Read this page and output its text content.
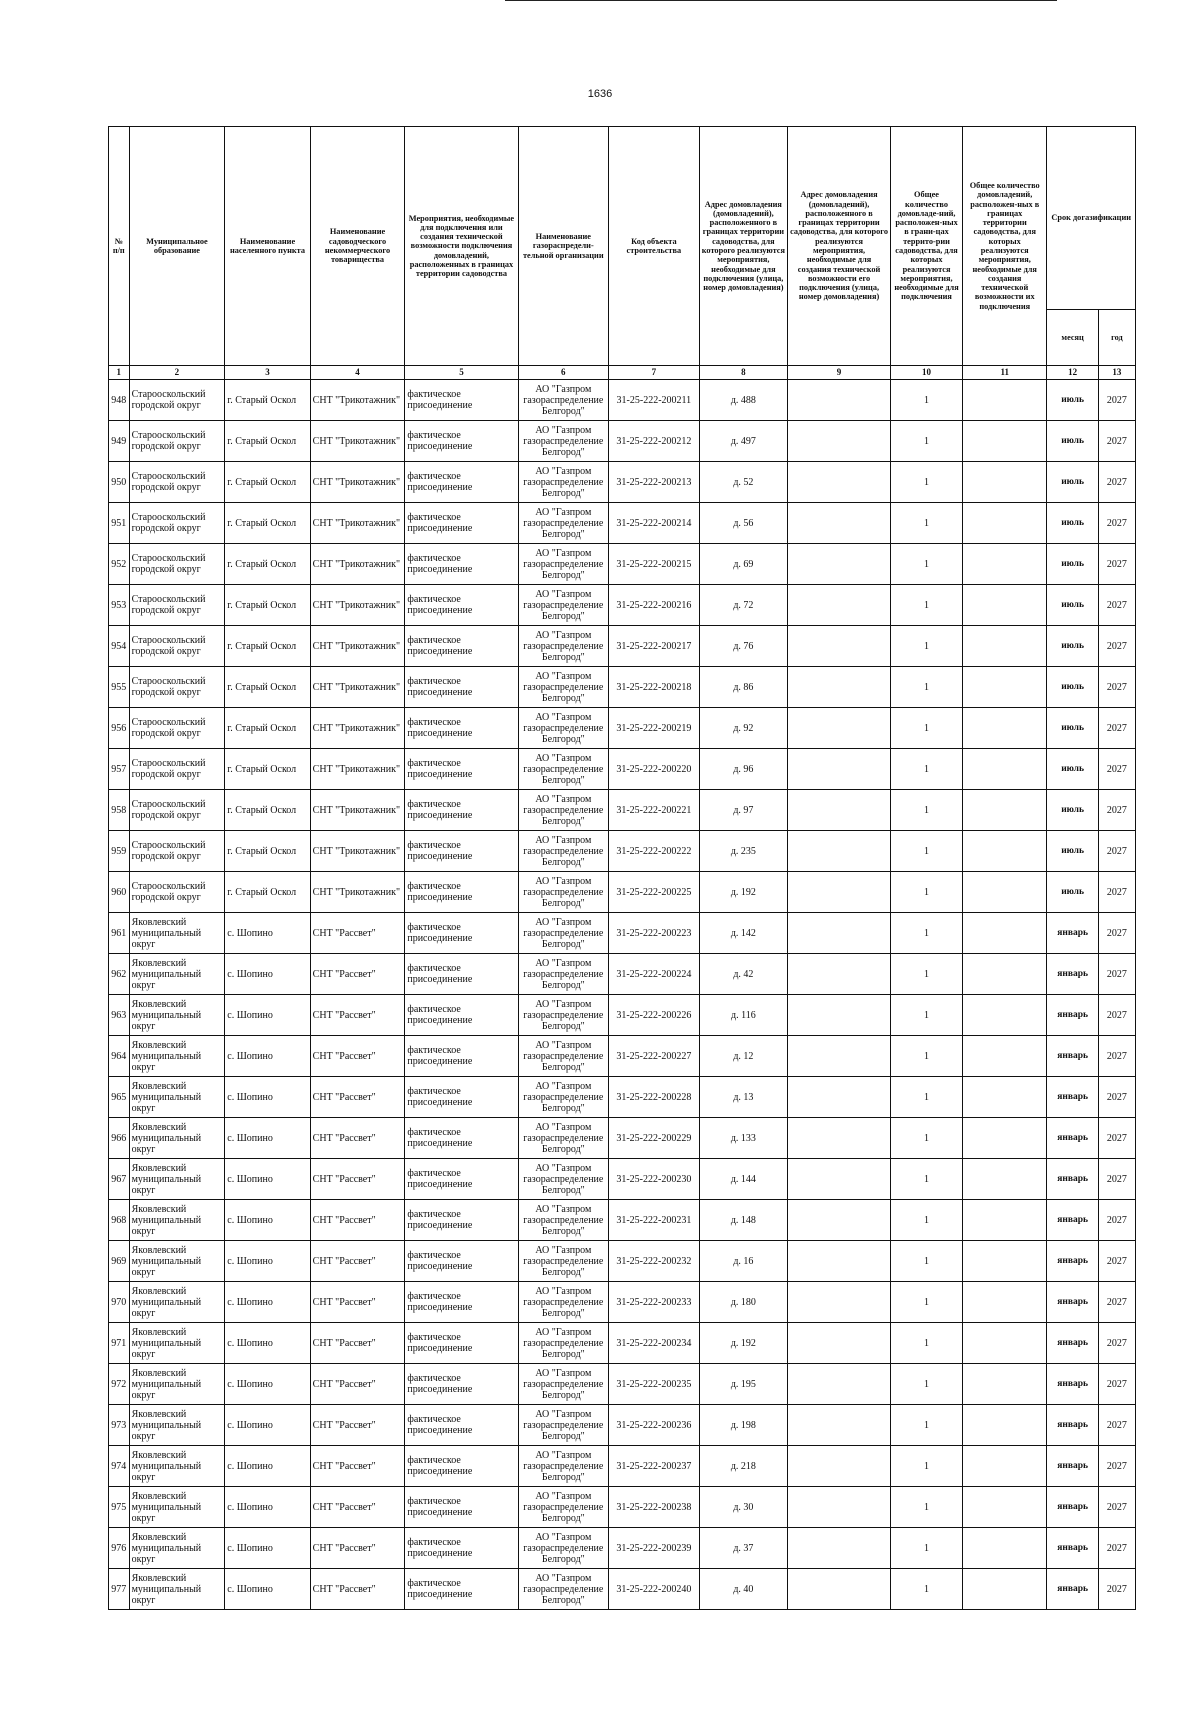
1636
№ п/п	Муниципальное образование	Наименование населенного пункта	Наименование садоводческого некоммерческого товарищества	Мероприятия, необходимые для подключения или создания технической возможности подключения домовладений, расположенных в границах территории садоводства	Наименование газораспредели-тельной организации	Код объекта строительства	Адрес домовладения (домовладений), расположенного в границах территории садоводства, для которого реализуются мероприятия, необходимые для подключения (улица, номер домовладения)	Адрес домовладения (домовладений), расположенного в границах территории садоводства, для которого реализуются мероприятия, необходимые для создания технической возможности его подключения (улица, номер домовладения)	Общее количество домовладе-ний, расположен-ных в грани-цах террито-рии садоводства, для которых реализуются мероприятия, необходимые для подключения	Общее количество домовладений, расположен-ных в границах территории садоводства, для которых реализуются мероприятия, необходимые для создания технической возможности их подключения	Срок догазификации	
											месяц	год
1	2	3	4	5	6	7	8	9	10	11	12	13
948	Старооскольский городской округ	г. Старый Оскол	СНТ "Трикотажник"	фактическое присоединение	АО "Газпром газораспределение Белгород"	31-25-222-200211	д. 488		1		июль	2027
949	Старооскольский городской округ	г. Старый Оскол	СНТ "Трикотажник"	фактическое присоединение	АО "Газпром газораспределение Белгород"	31-25-222-200212	д. 497		1		июль	2027
950	Старооскольский городской округ	г. Старый Оскол	СНТ "Трикотажник"	фактическое присоединение	АО "Газпром газораспределение Белгород"	31-25-222-200213	д. 52		1		июль	2027
951	Старооскольский городской округ	г. Старый Оскол	СНТ "Трикотажник"	фактическое присоединение	АО "Газпром газораспределение Белгород"	31-25-222-200214	д. 56		1		июль	2027
952	Старооскольский городской округ	г. Старый Оскол	СНТ "Трикотажник"	фактическое присоединение	АО "Газпром газораспределение Белгород"	31-25-222-200215	д. 69		1		июль	2027
953	Старооскольский городской округ	г. Старый Оскол	СНТ "Трикотажник"	фактическое присоединение	АО "Газпром газораспределение Белгород"	31-25-222-200216	д. 72		1		июль	2027
954	Старооскольский городской округ	г. Старый Оскол	СНТ "Трикотажник"	фактическое присоединение	АО "Газпром газораспределение Белгород"	31-25-222-200217	д. 76		1		июль	2027
955	Старооскольский городской округ	г. Старый Оскол	СНТ "Трикотажник"	фактическое присоединение	АО "Газпром газораспределение Белгород"	31-25-222-200218	д. 86		1		июль	2027
956	Старооскольский городской округ	г. Старый Оскол	СНТ "Трикотажник"	фактическое присоединение	АО "Газпром газораспределение Белгород"	31-25-222-200219	д. 92		1		июль	2027
957	Старооскольский городской округ	г. Старый Оскол	СНТ "Трикотажник"	фактическое присоединение	АО "Газпром газораспределение Белгород"	31-25-222-200220	д. 96		1		июль	2027
958	Старооскольский городской округ	г. Старый Оскол	СНТ "Трикотажник"	фактическое присоединение	АО "Газпром газораспределение Белгород"	31-25-222-200221	д. 97		1		июль	2027
959	Старооскольский городской округ	г. Старый Оскол	СНТ "Трикотажник"	фактическое присоединение	АО "Газпром газораспределение Белгород"	31-25-222-200222	д. 235		1		июль	2027
960	Старооскольский городской округ	г. Старый Оскол	СНТ "Трикотажник"	фактическое присоединение	АО "Газпром газораспределение Белгород"	31-25-222-200225	д. 192		1		июль	2027
961	Яковлевский муниципальный округ	с. Шопино	СНТ "Рассвет"	фактическое присоединение	АО "Газпром газораспределение Белгород"	31-25-222-200223	д. 142		1		январь	2027
962	Яковлевский муниципальный округ	с. Шопино	СНТ "Рассвет"	фактическое присоединение	АО "Газпром газораспределение Белгород"	31-25-222-200224	д. 42		1		январь	2027
963	Яковлевский муниципальный округ	с. Шопино	СНТ "Рассвет"	фактическое присоединение	АО "Газпром газораспределение Белгород"	31-25-222-200226	д. 116		1		январь	2027
964	Яковлевский муниципальный округ	с. Шопино	СНТ "Рассвет"	фактическое присоединение	АО "Газпром газораспределение Белгород"	31-25-222-200227	д. 12		1		январь	2027
965	Яковлевский муниципальный округ	с. Шопино	СНТ "Рассвет"	фактическое присоединение	АО "Газпром газораспределение Белгород"	31-25-222-200228	д. 13		1		январь	2027
966	Яковлевский муниципальный округ	с. Шопино	СНТ "Рассвет"	фактическое присоединение	АО "Газпром газораспределение Белгород"	31-25-222-200229	д. 133		1		январь	2027
967	Яковлевский муниципальный округ	с. Шопино	СНТ "Рассвет"	фактическое присоединение	АО "Газпром газораспределение Белгород"	31-25-222-200230	д. 144		1		январь	2027
968	Яковлевский муниципальный округ	с. Шопино	СНТ "Рассвет"	фактическое присоединение	АО "Газпром газораспределение Белгород"	31-25-222-200231	д. 148		1		январь	2027
969	Яковлевский муниципальный округ	с. Шопино	СНТ "Рассвет"	фактическое присоединение	АО "Газпром газораспределение Белгород"	31-25-222-200232	д. 16		1		январь	2027
970	Яковлевский муниципальный округ	с. Шопино	СНТ "Рассвет"	фактическое присоединение	АО "Газпром газораспределение Белгород"	31-25-222-200233	д. 180		1		январь	2027
971	Яковлевский муниципальный округ	с. Шопино	СНТ "Рассвет"	фактическое присоединение	АО "Газпром газораспределение Белгород"	31-25-222-200234	д. 192		1		январь	2027
972	Яковлевский муниципальный округ	с. Шопино	СНТ "Рассвет"	фактическое присоединение	АО "Газпром газораспределение Белгород"	31-25-222-200235	д. 195		1		январь	2027
973	Яковлевский муниципальный округ	с. Шопино	СНТ "Рассвет"	фактическое присоединение	АО "Газпром газораспределение Белгород"	31-25-222-200236	д. 198		1		январь	2027
974	Яковлевский муниципальный округ	с. Шопино	СНТ "Рассвет"	фактическое присоединение	АО "Газпром газораспределение Белгород"	31-25-222-200237	д. 218		1		январь	2027
975	Яковлевский муниципальный округ	с. Шопино	СНТ "Рассвет"	фактическое присоединение	АО "Газпром газораспределение Белгород"	31-25-222-200238	д. 30		1		январь	2027
976	Яковлевский муниципальный округ	с. Шопино	СНТ "Рассвет"	фактическое присоединение	АО "Газпром газораспределение Белгород"	31-25-222-200239	д. 37		1		январь	2027
977	Яковлевский муниципальный округ	с. Шопино	СНТ "Рассвет"	фактическое присоединение	АО "Газпром газораспределение Белгород"	31-25-222-200240	д. 40		1		январь	2027
